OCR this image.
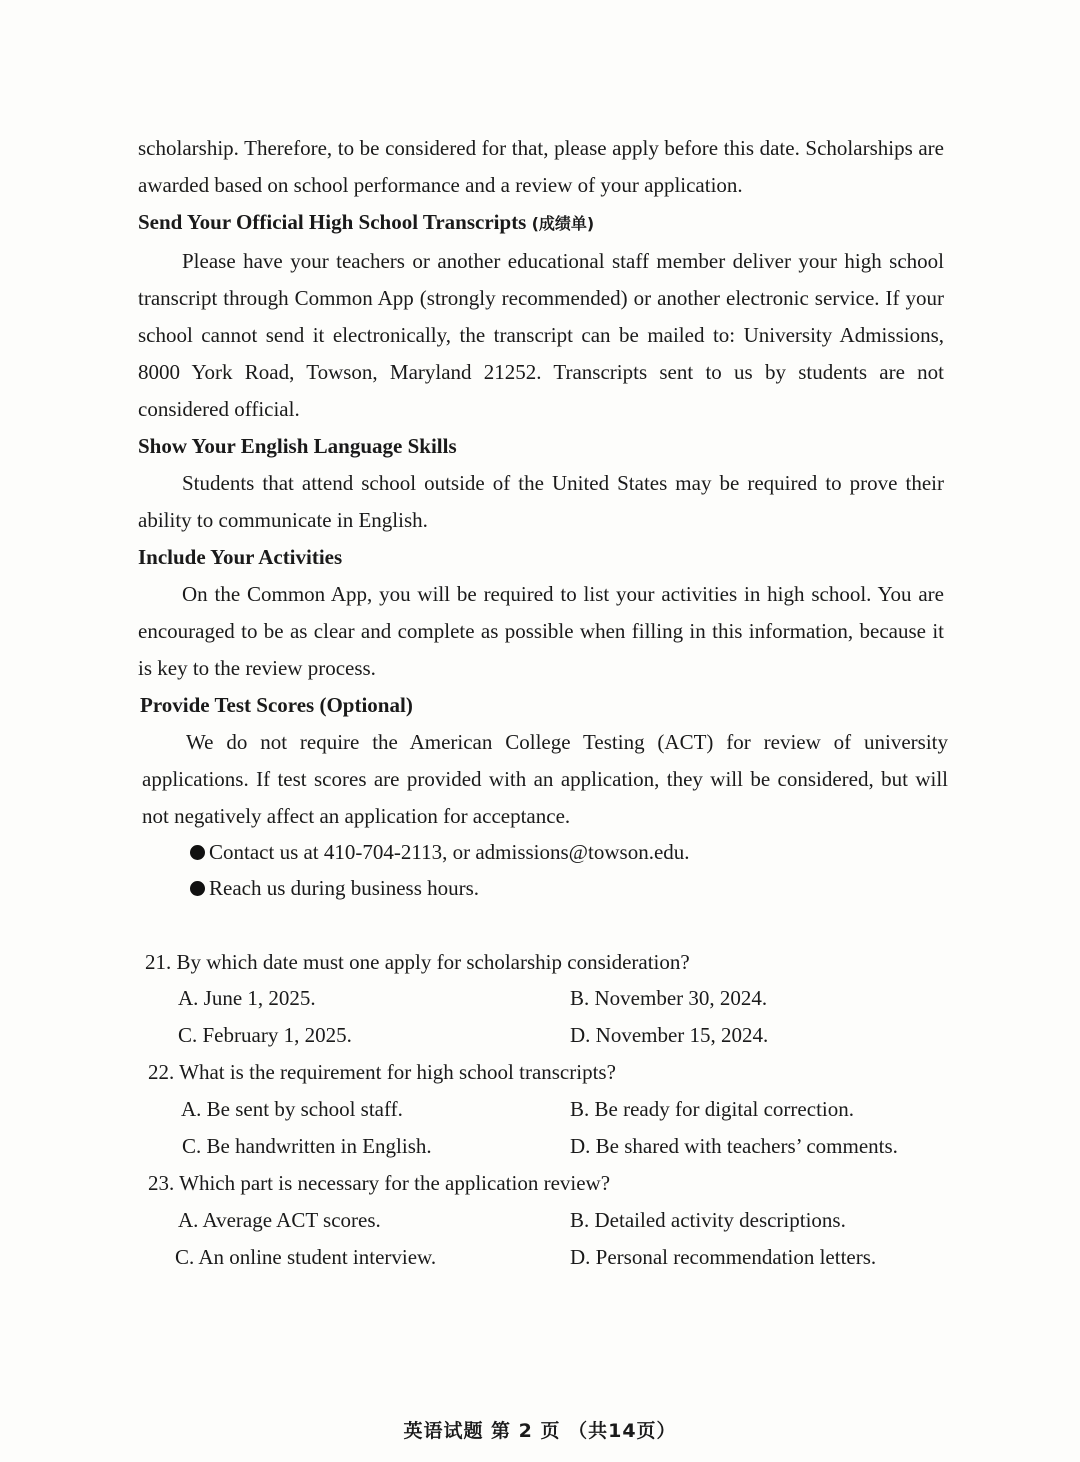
scholarship. Therefore, to be considered for that, please apply before this date. Scholarships are awarded based on school performance and a review of your application.

Send Your Official High School Transcripts (成绩单)

Please have your teachers or another educational staff member deliver your high school transcript through Common App (strongly recommended) or another electronic service. If your school cannot send it electronically, the transcript can be mailed to: University Admissions, 8000 York Road, Towson, Maryland 21252. Transcripts sent to us by students are not considered official.

Show Your English Language Skills

Students that attend school outside of the United States may be required to prove their ability to communicate in English.

Include Your Activities

On the Common App, you will be required to list your activities in high school. You are encouraged to be as clear and complete as possible when filling in this information, because it is key to the review process.

Provide Test Scores (Optional)

We do not require the American College Testing (ACT) for review of university applications. If test scores are provided with an application, they will be considered, but will not negatively affect an application for acceptance.

Contact us at 410-704-2113, or admissions@towson.edu.
Reach us during business hours.
21. By which date must one apply for scholarship consideration?
A. June 1, 2025.	B. November 30, 2024.
C. February 1, 2025.	D. November 15, 2024.
22. What is the requirement for high school transcripts?
A. Be sent by school staff.	B. Be ready for digital correction.
C. Be handwritten in English.	D. Be shared with teachers’ comments.
23. Which part is necessary for the application review?
A. Average ACT scores.	B. Detailed activity descriptions.
C. An online student interview.	D. Personal recommendation letters.
英语试题 第 2 页 （共14页）
